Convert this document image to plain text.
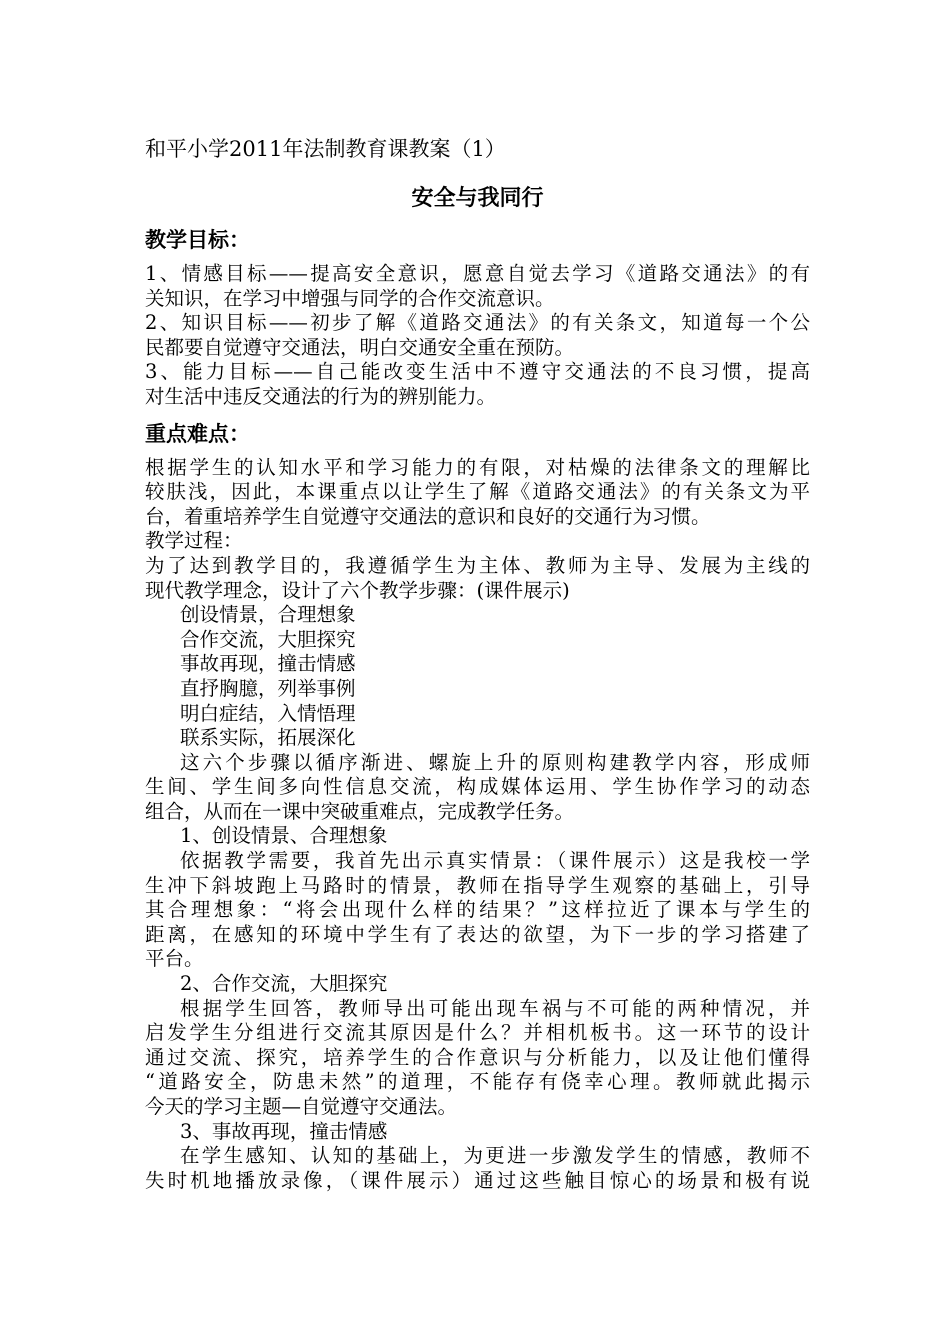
和平小学2011年法制教育课教案（1）
安全与我同行
教学目标：
1、情感目标——提高安全意识，愿意自觉去学习《道路交通法》的有
关知识，在学习中增强与同学的合作交流意识。
2、知识目标——初步了解《道路交通法》的有关条文，知道每一个公
民都要自觉遵守交通法，明白交通安全重在预防。
3、能力目标——自己能改变生活中不遵守交通法的不良习惯，提高
对生活中违反交通法的行为的辨别能力。
重点难点：
根据学生的认知水平和学习能力的有限，对枯燥的法律条文的理解比
较肤浅，因此，本课重点以让学生了解《道路交通法》的有关条文为平
台，着重培养学生自觉遵守交通法的意识和良好的交通行为习惯。
教学过程：
为了达到教学目的，我遵循学生为主体、教师为主导、发展为主线的
现代教学理念，设计了六个教学步骤：(课件展示)
创设情景，合理想象
合作交流，大胆探究
事故再现，撞击情感
直抒胸臆，列举事例
明白症结，入情悟理
联系实际，拓展深化
这六个步骤以循序渐进、螺旋上升的原则构建教学内容，形成师
生间、学生间多向性信息交流，构成媒体运用、学生协作学习的动态
组合，从而在一课中突破重难点，完成教学任务。
1、创设情景、合理想象
依据教学需要，我首先出示真实情景：（课件展示）这是我校一学
生冲下斜坡跑上马路时的情景，教师在指导学生观察的基础上，引导
其合理想象：“将会出现什么样的结果？”这样拉近了课本与学生的
距离，在感知的环境中学生有了表达的欲望，为下一步的学习搭建了
平台。
2、合作交流，大胆探究
根据学生回答，教师导出可能出现车祸与不可能的两种情况，并
启发学生分组进行交流其原因是什么？并相机板书。这一环节的设计
通过交流、探究，培养学生的合作意识与分析能力，以及让他们懂得
“道路安全，防患未然”的道理，不能存有侥幸心理。教师就此揭示
今天的学习主题—自觉遵守交通法。
3、事故再现，撞击情感
在学生感知、认知的基础上，为更进一步激发学生的情感，教师不
失时机地播放录像，（课件展示）通过这些触目惊心的场景和极有说
